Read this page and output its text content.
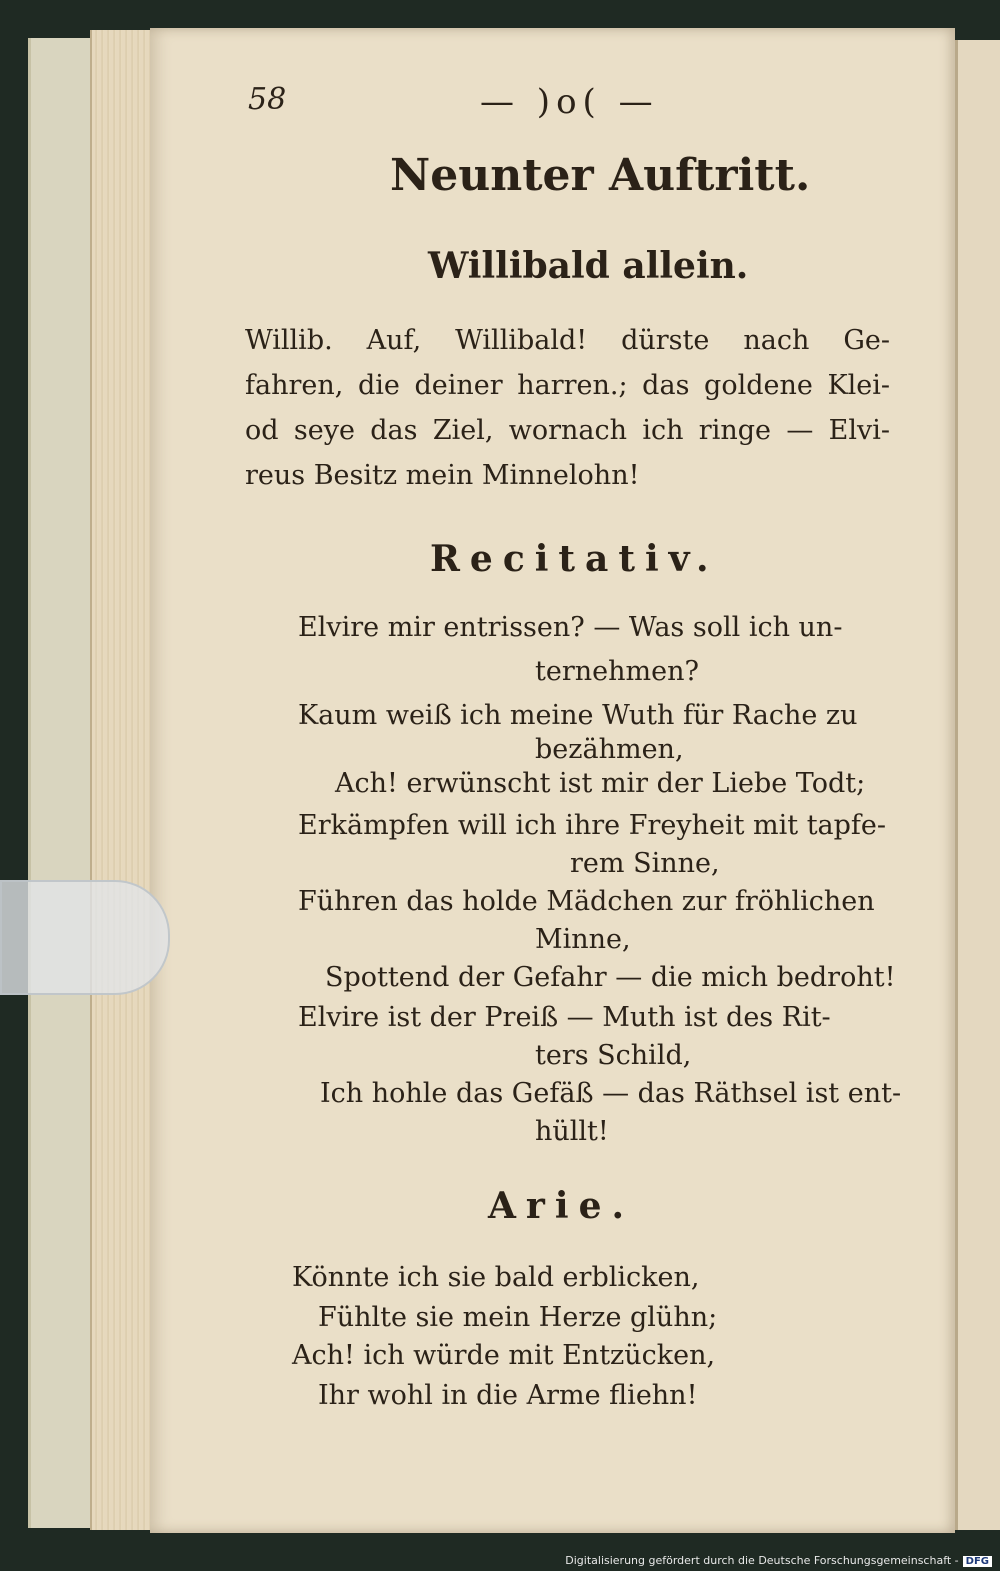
58	— )o( —
Neunter Auftritt.
Willibald allein.
Willib. Auf, Willibald! dürste nach Ge-
fahren, die deiner harren.; das goldene Klei-
od seye das Ziel, wornach ich ringe — Elvi-
reus Besitz mein Minnelohn!
Recitativ.
Elvire mir entrissen? — Was soll ich un-
ternehmen?
Kaum weiß ich meine Wuth für Rache zu
bezähmen,
Ach! erwünscht ist mir der Liebe Todt;
Erkämpfen will ich ihre Freyheit mit tapfe-
rem Sinne,
Führen das holde Mädchen zur fröhlichen
Minne,
Spottend der Gefahr — die mich bedroht!
Elvire ist der Preiß — Muth ist des Rit-
ters Schild,
Ich hohle das Gefäß — das Räthsel ist ent-
hüllt!
Arie.
Könnte ich sie bald erblicken,
Fühlte sie mein Herze glühn;
Ach! ich würde mit Entzücken,
Ihr wohl in die Arme fliehn!
Digitalisierung gefördert durch die Deutsche Forschungsgemeinschaft - DFG
